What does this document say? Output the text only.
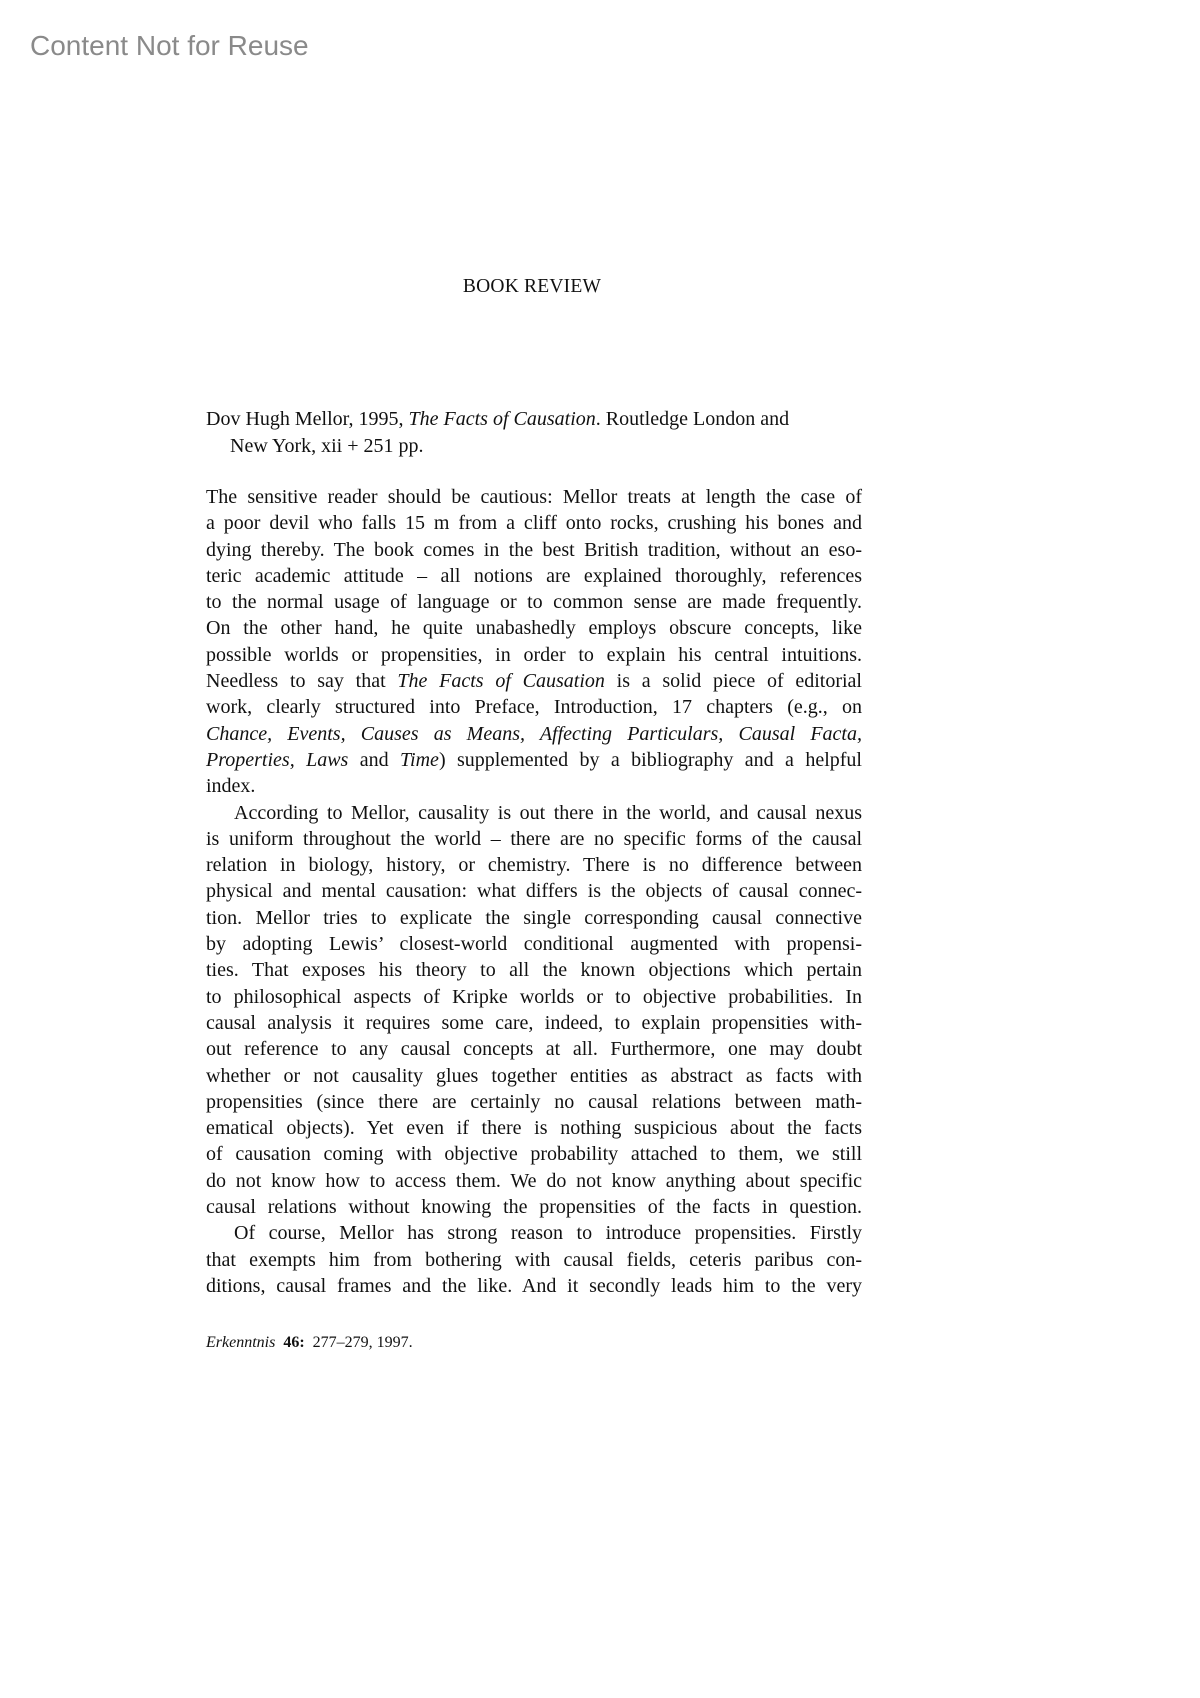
Content Not for Reuse
BOOK REVIEW
Dov Hugh Mellor, 1995, The Facts of Causation. Routledge London and
New York, xii + 251 pp.
The sensitive reader should be cautious: Mellor treats at length the case of
a poor devil who falls 15 m from a cliff onto rocks, crushing his bones and
dying thereby. The book comes in the best British tradition, without an eso-
teric academic attitude – all notions are explained thoroughly, references
to the normal usage of language or to common sense are made frequently.
On the other hand, he quite unabashedly employs obscure concepts, like
possible worlds or propensities, in order to explain his central intuitions.
Needless to say that The Facts of Causation is a solid piece of editorial
work, clearly structured into Preface, Introduction, 17 chapters (e.g., on
Chance, Events, Causes as Means, Affecting Particulars, Causal Facta,
Properties, Laws and Time) supplemented by a bibliography and a helpful
index.
According to Mellor, causality is out there in the world, and causal nexus
is uniform throughout the world – there are no specific forms of the causal
relation in biology, history, or chemistry. There is no difference between
physical and mental causation: what differs is the objects of causal connec-
tion. Mellor tries to explicate the single corresponding causal connective
by adopting Lewis’ closest-world conditional augmented with propensi-
ties. That exposes his theory to all the known objections which pertain
to philosophical aspects of Kripke worlds or to objective probabilities. In
causal analysis it requires some care, indeed, to explain propensities with-
out reference to any causal concepts at all. Furthermore, one may doubt
whether or not causality glues together entities as abstract as facts with
propensities (since there are certainly no causal relations between math-
ematical objects). Yet even if there is nothing suspicious about the facts
of causation coming with objective probability attached to them, we still
do not know how to access them. We do not know anything about specific
causal relations without knowing the propensities of the facts in question.
Of course, Mellor has strong reason to introduce propensities. Firstly
that exempts him from bothering with causal fields, ceteris paribus con-
ditions, causal frames and the like. And it secondly leads him to the very
Erkenntnis 46: 277–279, 1997.
